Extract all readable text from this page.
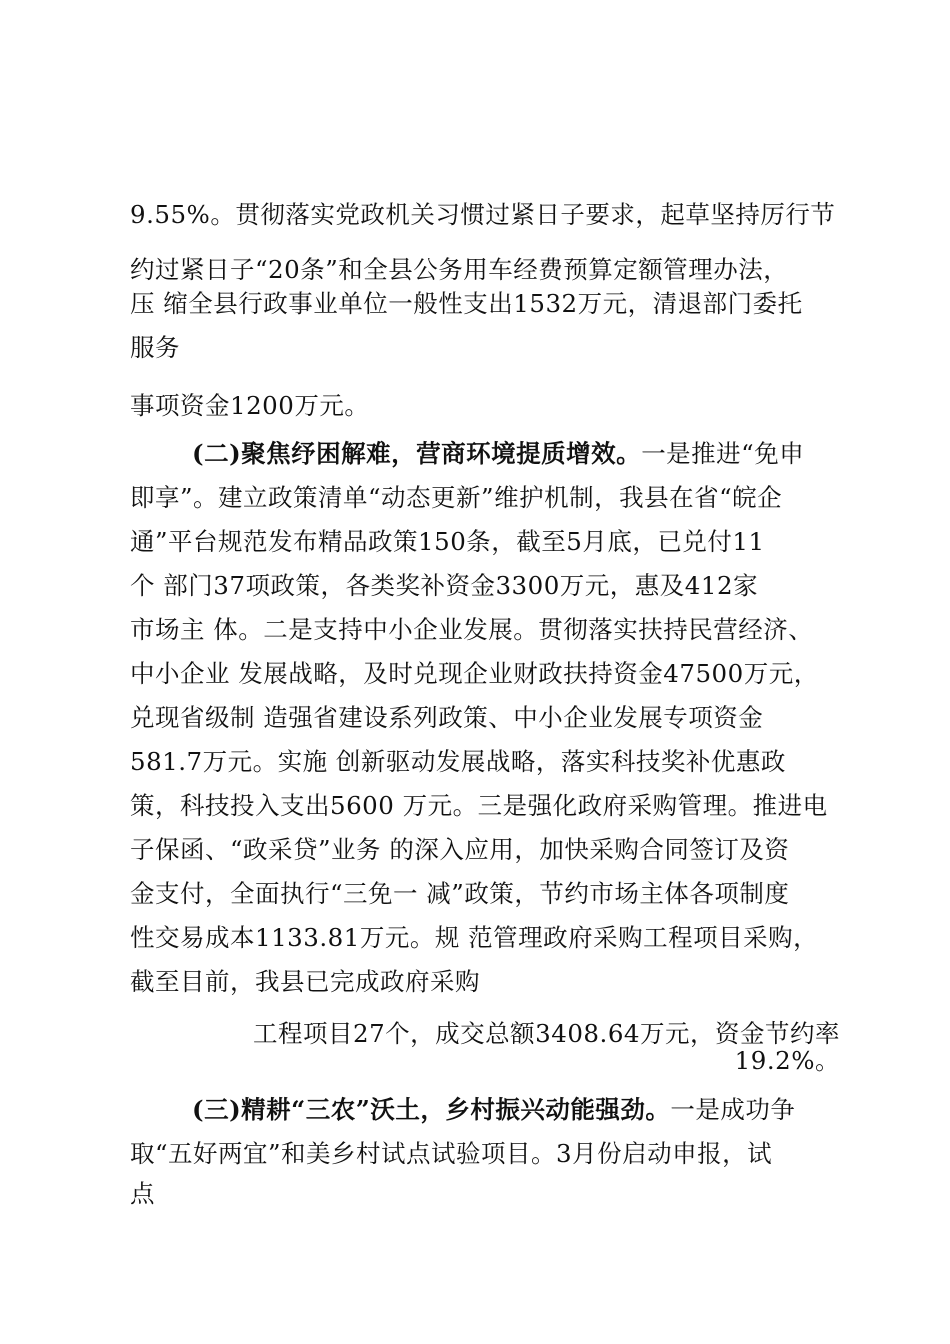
9.55%。贯彻落实党政机关习惯过紧日子要求，起草坚持厉行节
约过紧日子“20条”和全县公务用车经费预算定额管理办法，
压 缩全县行政事业单位一般性支出1532万元，清退部门委托
服务
事项资金1200万元。
(二)聚焦纾困解难，营商环境提质增效。一是推进“免申
即享”。建立政策清单“动态更新”维护机制，我县在省“皖企
通”平台规范发布精品政策150条，截至5月底，已兑付11
个 部门37项政策，各类奖补资金3300万元，惠及412家
市场主 体。二是支持中小企业发展。贯彻落实扶持民营经济、
中小企业 发展战略，及时兑现企业财政扶持资金47500万元，
兑现省级制 造强省建设系列政策、中小企业发展专项资金
581.7万元。实施 创新驱动发展战略，落实科技奖补优惠政
策，科技投入支出5600 万元。三是强化政府采购管理。推进电
子保函、“政采贷”业务 的深入应用，加快采购合同签订及资
金支付，全面执行“三免一 减”政策，节约市场主体各项制度
性交易成本1133.81万元。规 范管理政府采购工程项目采购，
截至目前，我县已完成政府采购
工程项目27个，成交总额3408.64万元，资金节约率
19.2%。
(三)精耕“三农”沃土，乡村振兴动能强劲。一是成功争
取“五好两宜”和美乡村试点试验项目。3月份启动申报，试
点
